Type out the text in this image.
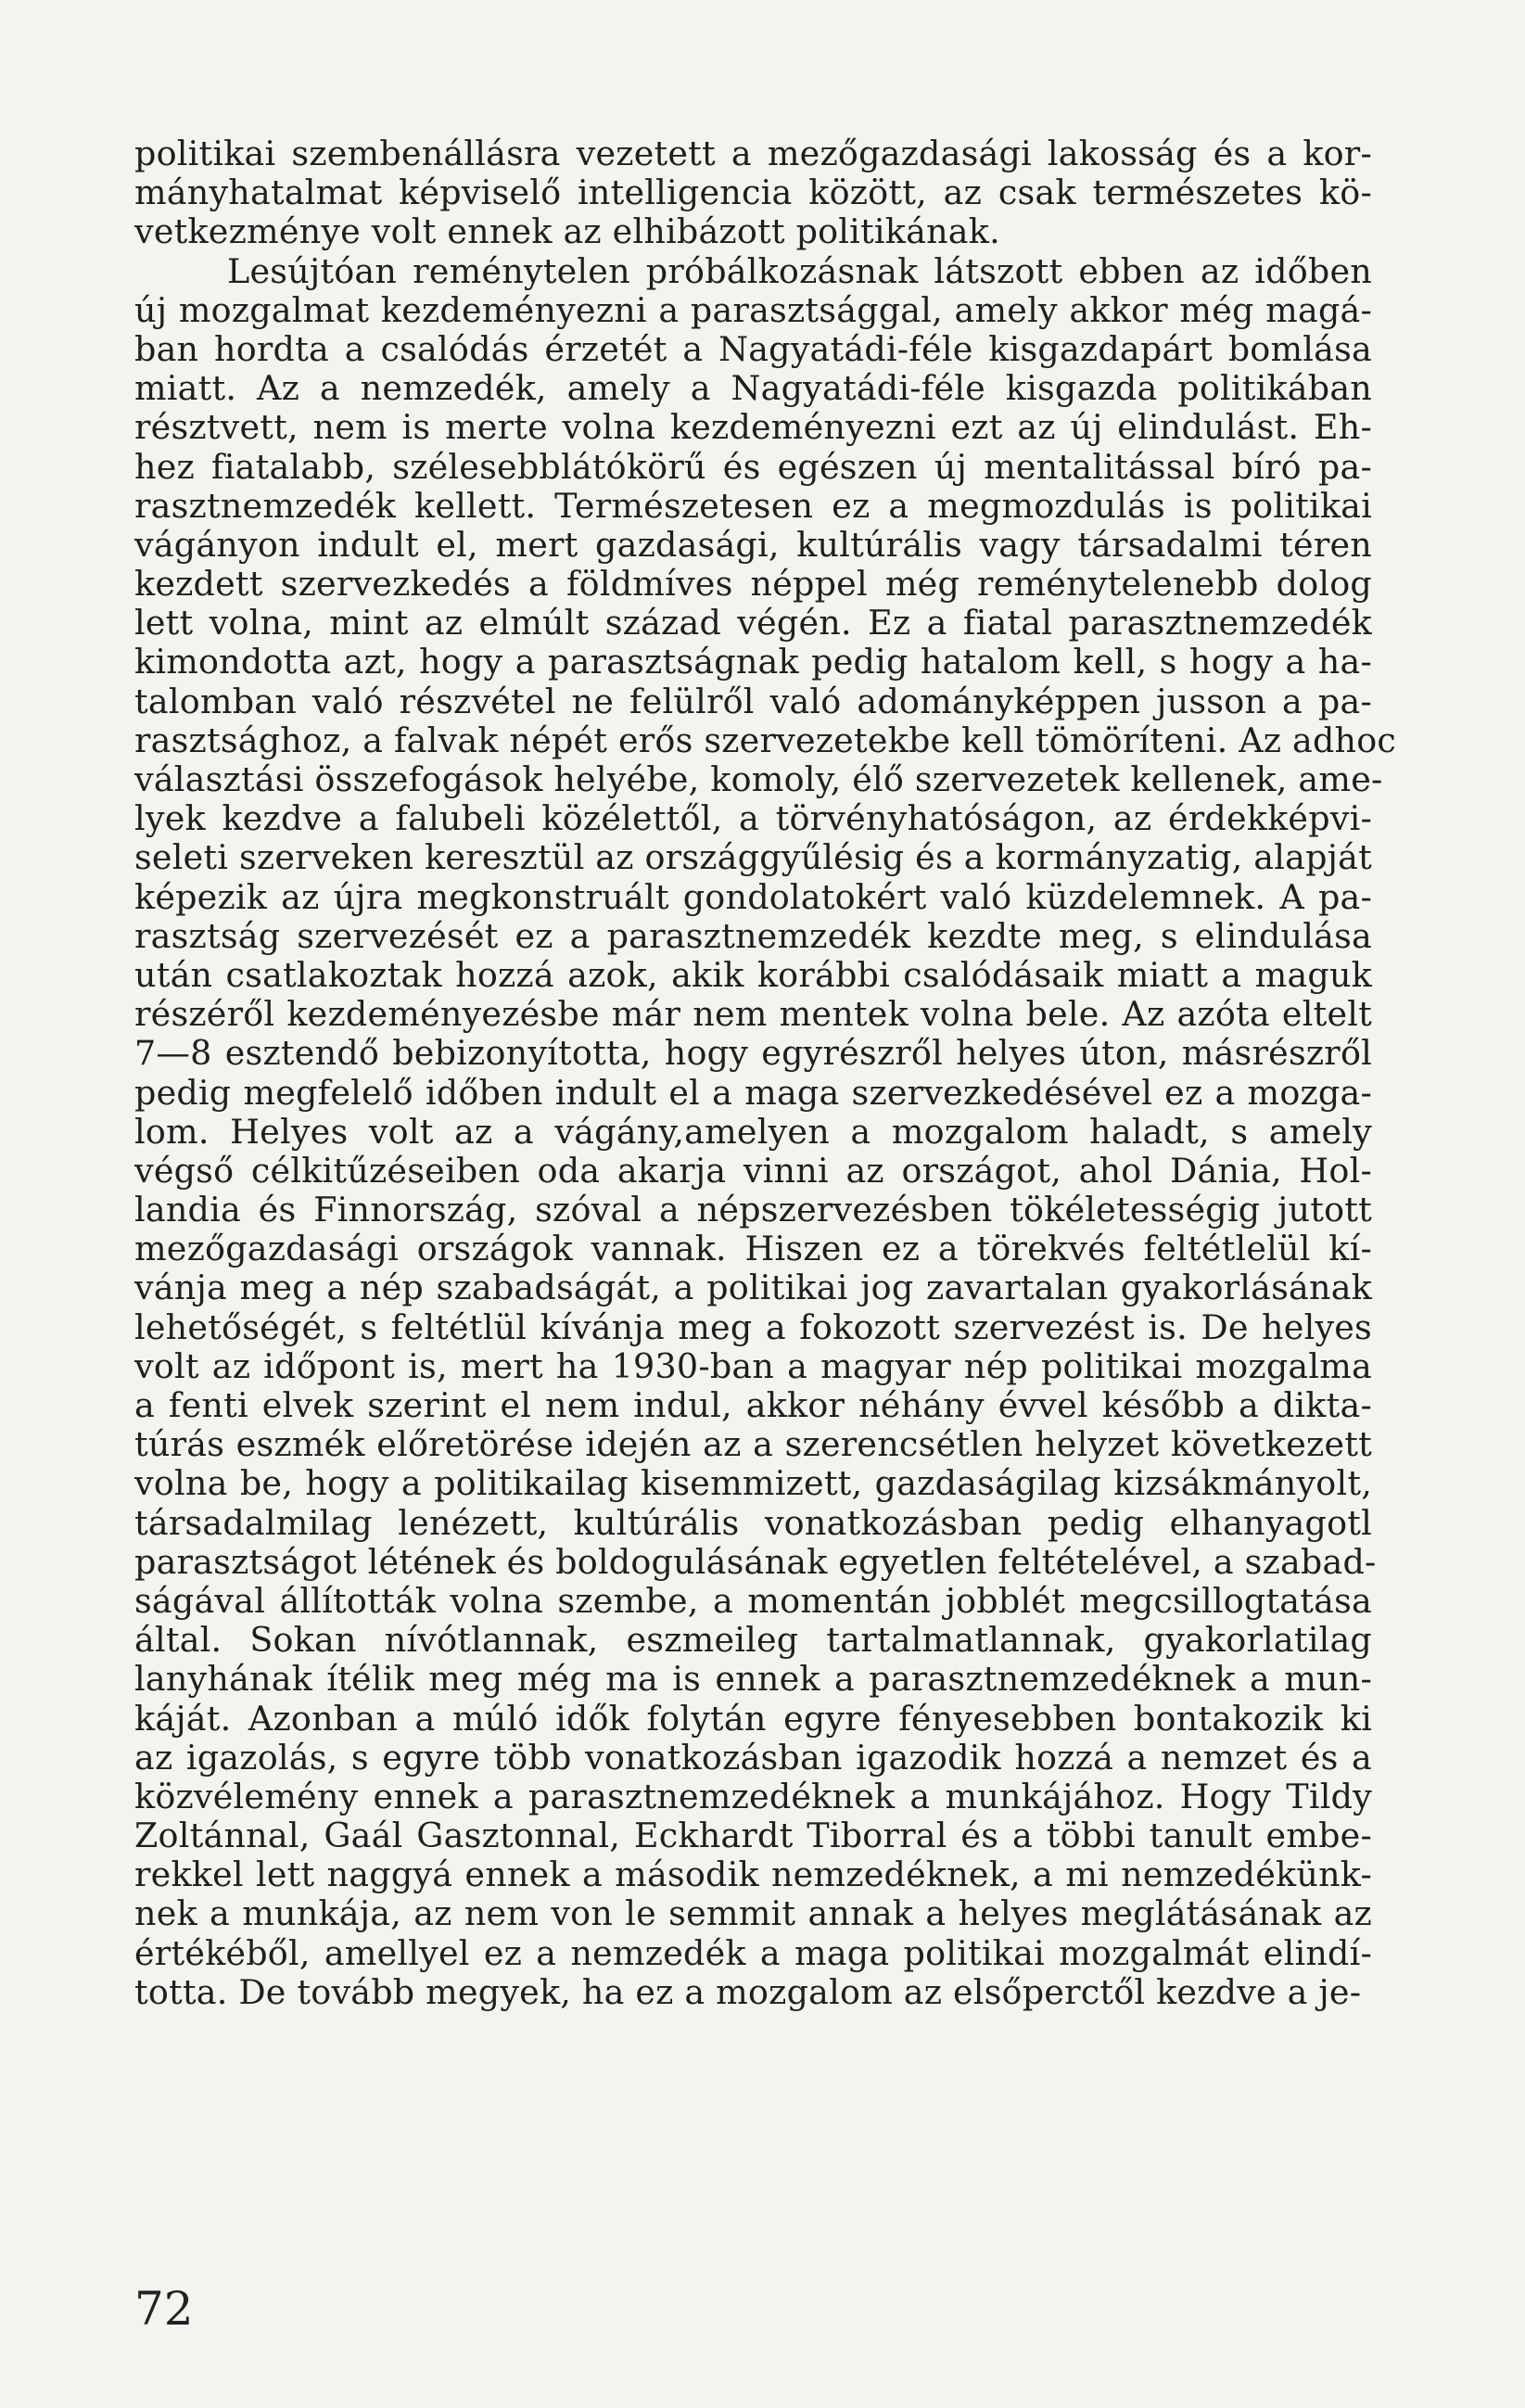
politikai szembenállásra vezetett a mezőgazdasági lakosság és a kor-
mányhatalmat képviselő intelligencia között, az csak természetes kö-
vetkezménye volt ennek az elhibázott politikának.
Lesújtóan reménytelen próbálkozásnak látszott ebben az időben
új mozgalmat kezdeményezni a parasztsággal, amely akkor még magá-
ban hordta a csalódás érzetét a Nagyatádi-féle kisgazdapárt bomlása
miatt. Az a nemzedék, amely a Nagyatádi-féle kisgazda politikában
résztvett, nem is merte volna kezdeményezni ezt az új elindulást. Eh-
hez fiatalabb, szélesebblátókörű és egészen új mentalitással bíró pa-
rasztnemzedék kellett. Természetesen ez a megmozdulás is politikai
vágányon indult el, mert gazdasági, kultúrális vagy társadalmi téren
kezdett szervezkedés a földmíves néppel még reménytelenebb dolog
lett volna, mint az elmúlt század végén. Ez a fiatal parasztnemzedék
kimondotta azt, hogy a parasztságnak pedig hatalom kell, s hogy a ha-
talomban való részvétel ne felülről való adományképpen jusson a pa-
rasztsághoz, a falvak népét erős szervezetekbe kell tömöríteni. Az adhoc
választási összefogások helyébe, komoly, élő szervezetek kellenek, ame-
lyek kezdve a falubeli közélettől, a törvényhatóságon, az érdekképvi-
seleti szerveken keresztül az országgyűlésig és a kormányzatig, alapját
képezik az újra megkonstruált gondolatokért való küzdelemnek. A pa-
rasztság szervezését ez a parasztnemzedék kezdte meg, s elindulása
után csatlakoztak hozzá azok, akik korábbi csalódásaik miatt a maguk
részéről kezdeményezésbe már nem mentek volna bele. Az azóta eltelt
7—8 esztendő bebizonyította, hogy egyrészről helyes úton, másrészről
pedig megfelelő időben indult el a maga szervezkedésével ez a mozga-
lom. Helyes volt az a vágány,amelyen a mozgalom haladt, s amely
végső célkitűzéseiben oda akarja vinni az országot, ahol Dánia, Hol-
landia és Finnország, szóval a népszervezésben tökéletességig jutott
mezőgazdasági országok vannak. Hiszen ez a törekvés feltétlelül kí-
vánja meg a nép szabadságát, a politikai jog zavartalan gyakorlásának
lehetőségét, s feltétlül kívánja meg a fokozott szervezést is. De helyes
volt az időpont is, mert ha 1930-ban a magyar nép politikai mozgalma
a fenti elvek szerint el nem indul, akkor néhány évvel később a dikta-
túrás eszmék előretörése idején az a szerencsétlen helyzet következett
volna be, hogy a politikailag kisemmizett, gazdaságilag kizsákmányolt,
társadalmilag lenézett, kultúrális vonatkozásban pedig elhanyagotl
parasztságot létének és boldogulásának egyetlen feltételével, a szabad-
ságával állították volna szembe, a momentán jobblét megcsillogtatása
által. Sokan nívótlannak, eszmeileg tartalmatlannak, gyakorlatilag
lanyhának ítélik meg még ma is ennek a parasztnemzedéknek a mun-
káját. Azonban a múló idők folytán egyre fényesebben bontakozik ki
az igazolás, s egyre több vonatkozásban igazodik hozzá a nemzet és a
közvélemény ennek a parasztnemzedéknek a munkájához. Hogy Tildy
Zoltánnal, Gaál Gasztonnal, Eckhardt Tiborral és a többi tanult embe-
rekkel lett naggyá ennek a második nemzedéknek, a mi nemzedékünk-
nek a munkája, az nem von le semmit annak a helyes meglátásának az
értékéből, amellyel ez a nemzedék a maga politikai mozgalmát elindí-
totta. De tovább megyek, ha ez a mozgalom az elsőperctől kezdve a je-
72
